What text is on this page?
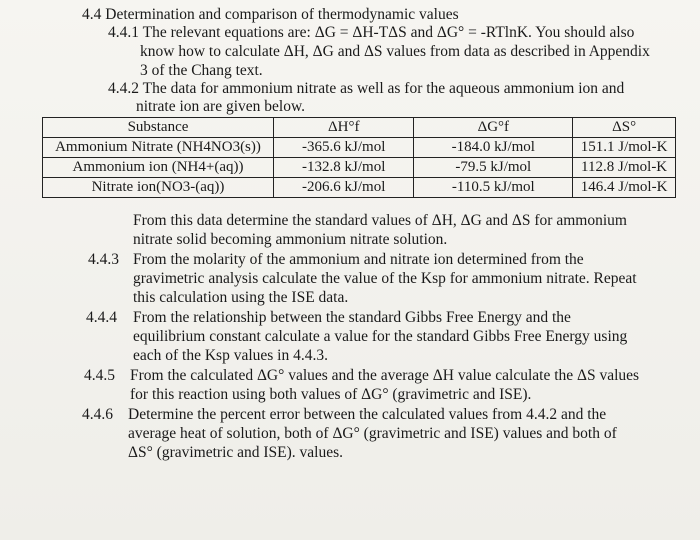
4.4 Determination and comparison of thermodynamic values
4.4.1 The relevant equations are: ΔG = ΔH-TΔS and ΔG° = -RTlnK. You should also
know how to calculate ΔH, ΔG and ΔS values from data as described in Appendix
3 of the Chang text.
4.4.2 The data for ammonium nitrate as well as for the aqueous ammonium ion and
nitrate ion are given below.
Substance	ΔH°f	ΔG°f	ΔS°
Ammonium Nitrate (NH4NO3(s))	-365.6 kJ/mol	-184.0 kJ/mol	151.1 J/mol-K
Ammonium ion (NH4+(aq))	-132.8 kJ/mol	-79.5 kJ/mol	112.8 J/mol-K
Nitrate ion(NO3-(aq))	-206.6 kJ/mol	-110.5 kJ/mol	146.4 J/mol-K
From this data determine the standard values of ΔH, ΔG and ΔS for ammonium
nitrate solid becoming ammonium nitrate solution.
4.4.3 From the molarity of the ammonium and nitrate ion determined from the
gravimetric analysis calculate the value of the Ksp for ammonium nitrate. Repeat
this calculation using the ISE data.
4.4.4 From the relationship between the standard Gibbs Free Energy and the
equilibrium constant calculate a value for the standard Gibbs Free Energy using
each of the Ksp values in 4.4.3.
4.4.5 From the calculated ΔG° values and the average ΔH value calculate the ΔS values
for this reaction using both values of ΔG° (gravimetric and ISE).
4.4.6 Determine the percent error between the calculated values from 4.4.2 and the
average heat of solution, both of ΔG° (gravimetric and ISE) values and both of
ΔS° (gravimetric and ISE). values.
